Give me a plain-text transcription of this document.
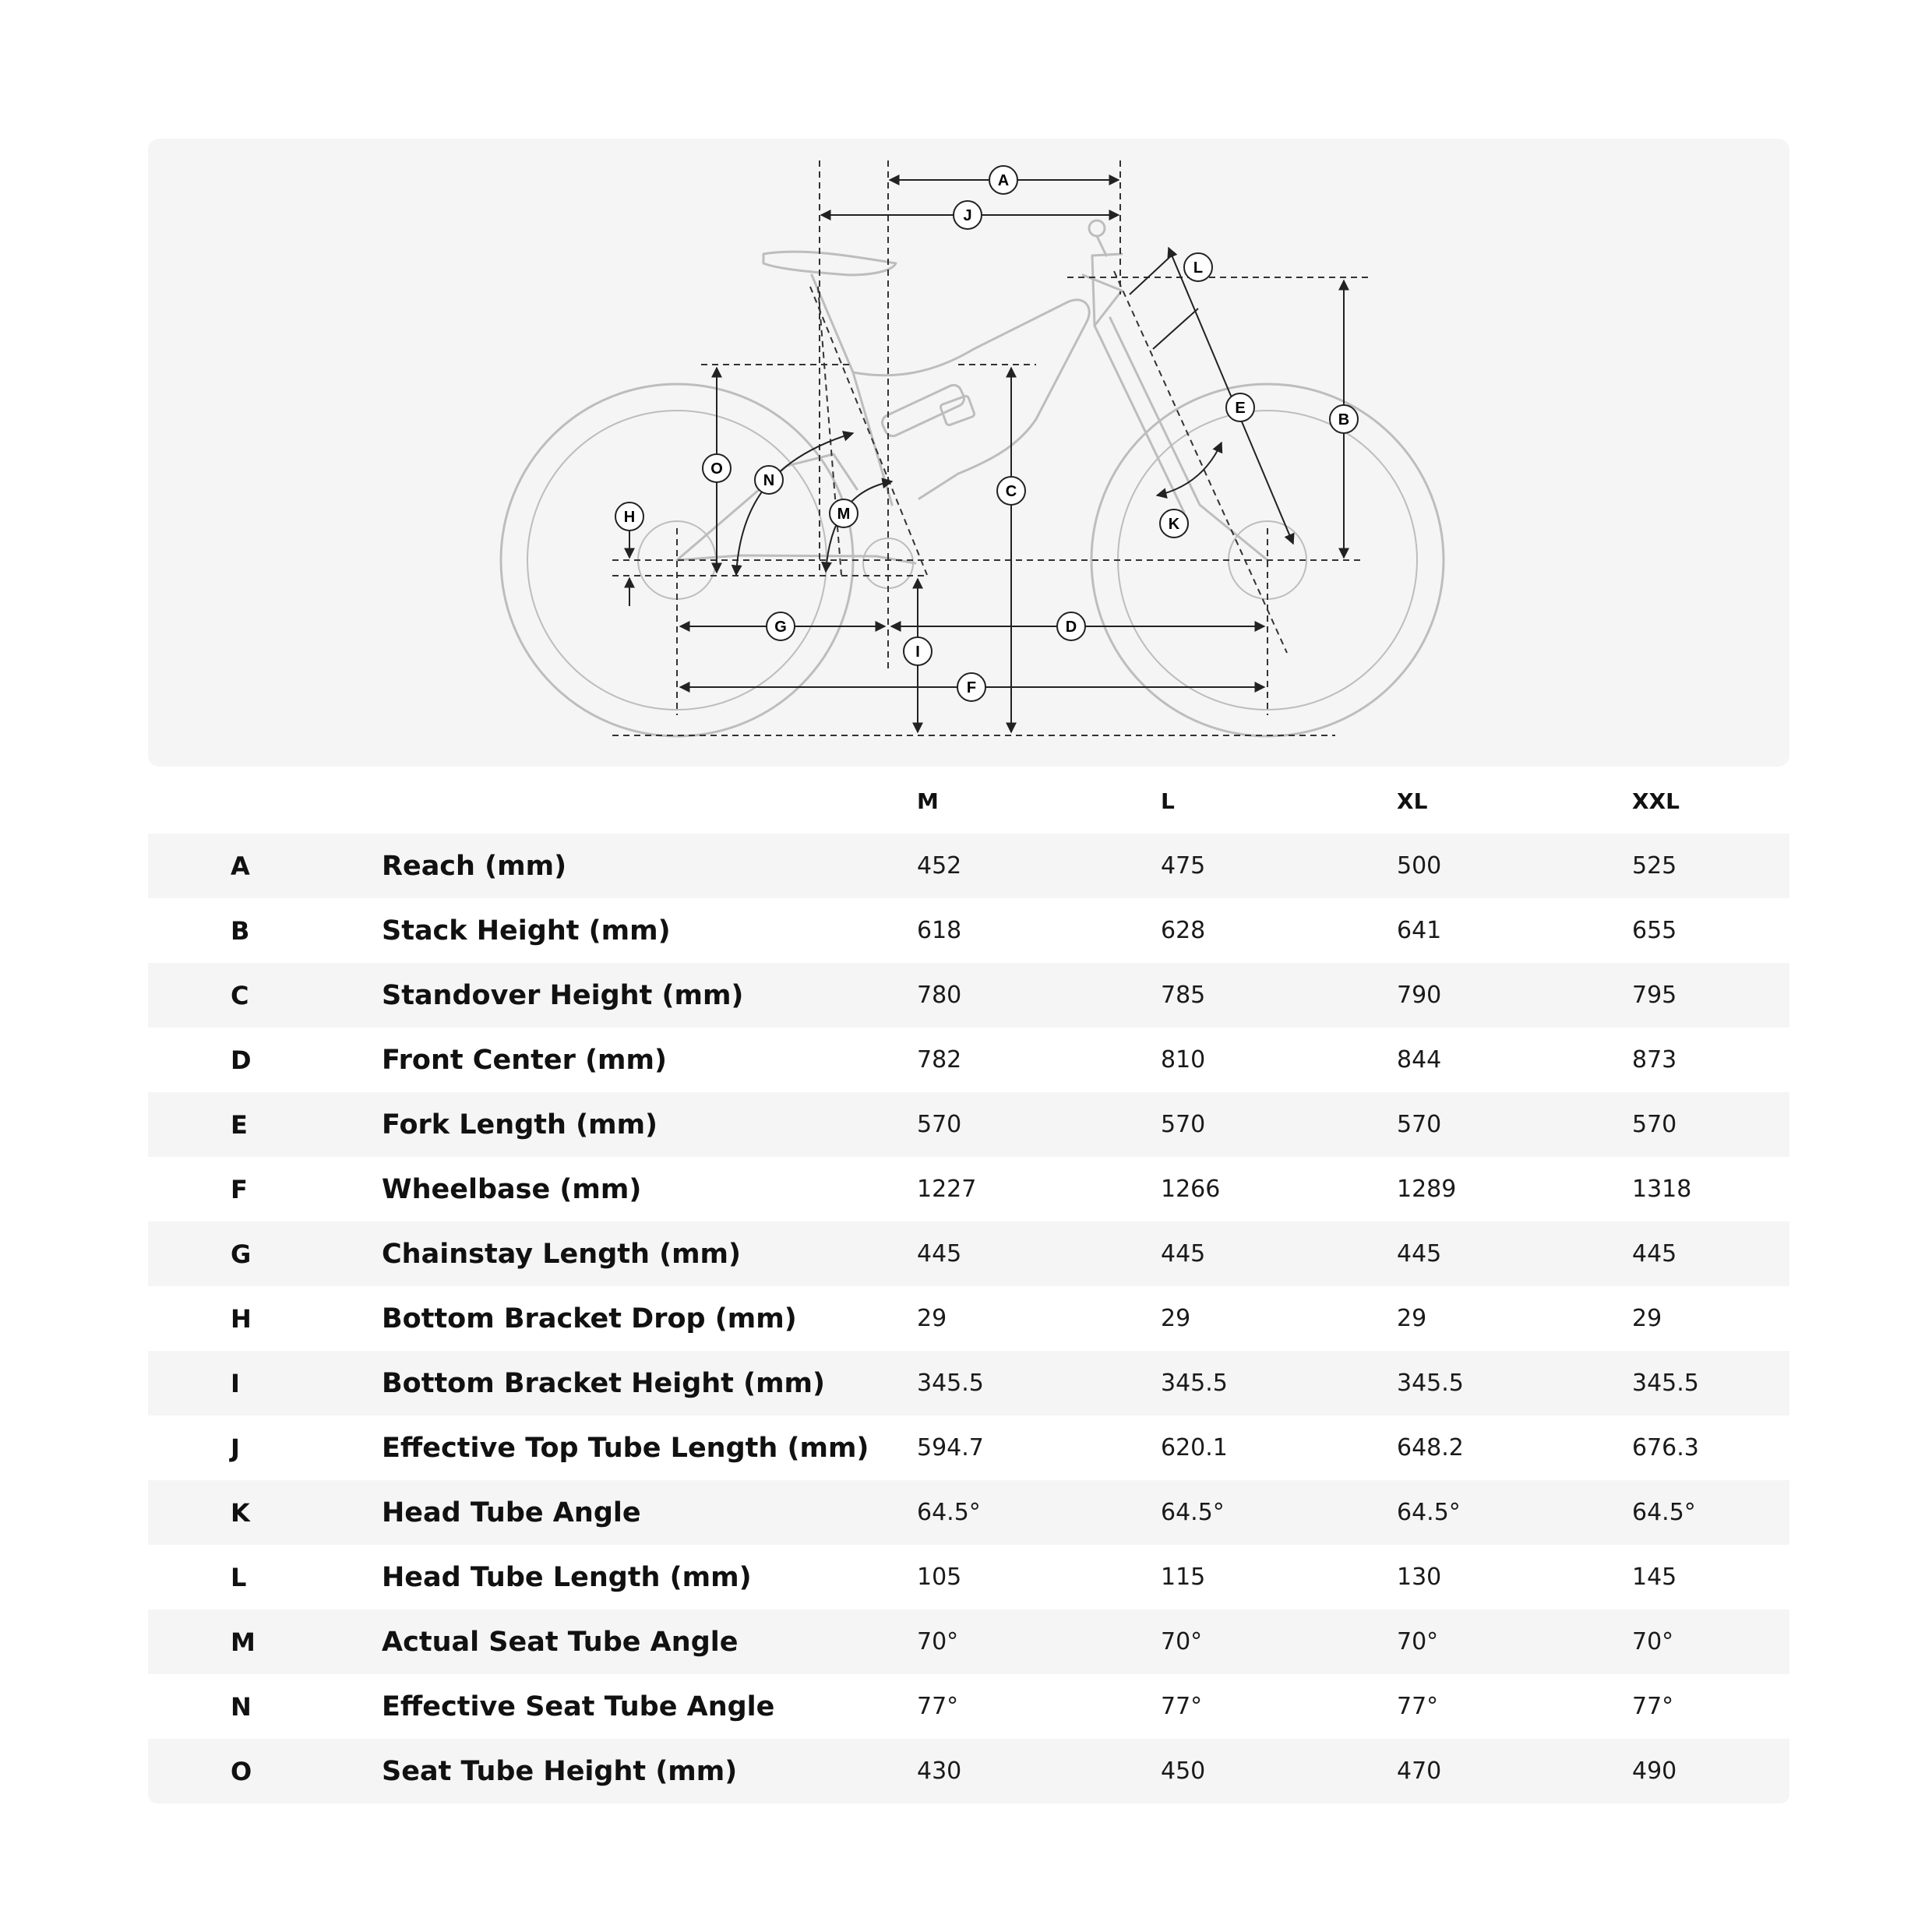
A
B
C
D
E
F
G
H
I
J
K
L
M
N
O
M	L	XL	XXL
A	Reach (mm)	452	475	500	525
B	Stack Height (mm)	618	628	641	655
C	Standover Height (mm)	780	785	790	795
D	Front Center (mm)	782	810	844	873
E	Fork Length (mm)	570	570	570	570
F	Wheelbase (mm)	1227	1266	1289	1318
G	Chainstay Length (mm)	445	445	445	445
H	Bottom Bracket Drop (mm)	29	29	29	29
I	Bottom Bracket Height (mm)	345.5	345.5	345.5	345.5
J	Effective Top Tube Length (mm) 594.7	620.1	648.2	676.3
K	Head Tube Angle	64.5°	64.5°	64.5°	64.5°
L	Head Tube Length (mm)	105	115	130	145
M	Actual Seat Tube Angle	70°	70°	70°	70°
N	Effective Seat Tube Angle	77°	77°	77°	77°
O	Seat Tube Height (mm)	430	450	470	490
